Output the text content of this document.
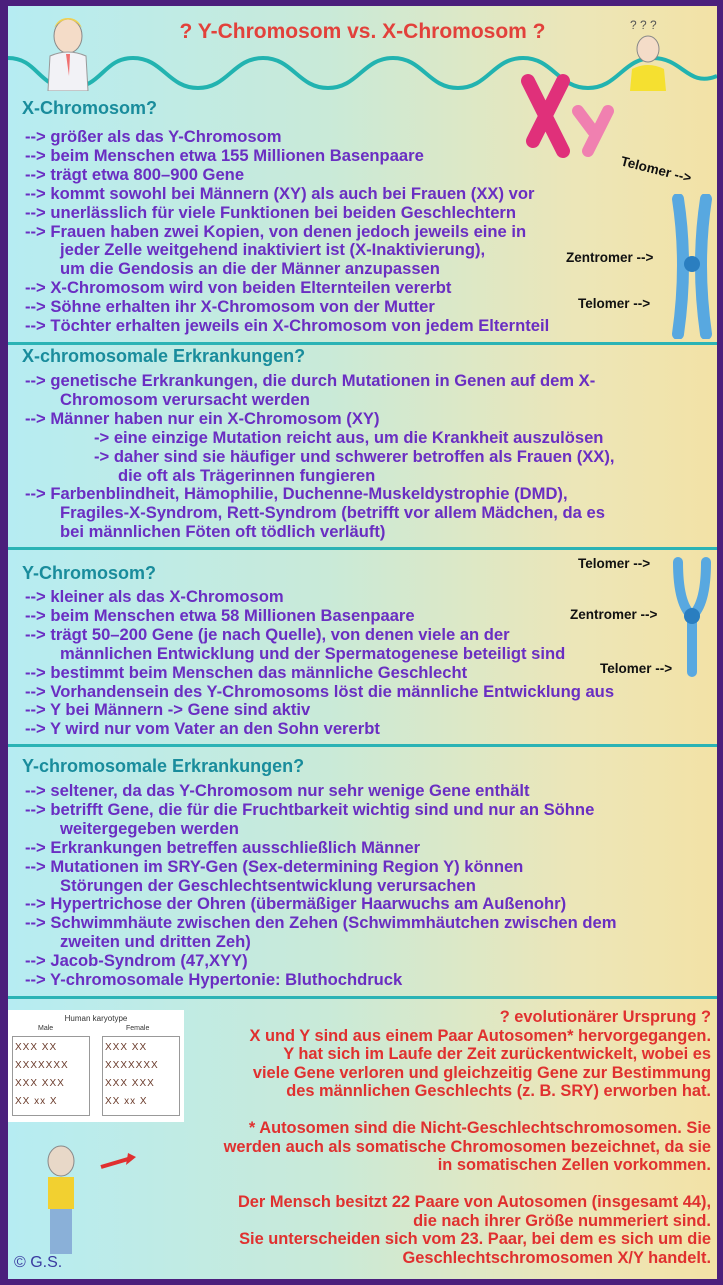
? Y-Chromosom vs. X-Chromosom ?	? ? ?
X-Chromosom?
--> größer als das Y-Chromosom
--> beim Menschen etwa 155 Millionen Basenpaare
--> trägt etwa 800–900 Gene
--> kommt sowohl bei Männern (XY) als auch bei Frauen (XX) vor
--> unerlässlich für viele Funktionen bei beiden Geschlechtern
--> Frauen haben zwei Kopien, von denen jedoch jeweils eine in
jeder Zelle weitgehend inaktiviert ist (X-Inaktivierung),
um die Gendosis an die der Männer anzupassen
--> X-Chromosom wird von beiden Elternteilen vererbt
--> Söhne erhalten ihr X-Chromosom von der Mutter
--> Töchter erhalten jeweils ein X-Chromosom von jedem Elternteil
X-chromosomale Erkrankungen?
--> genetische Erkrankungen, die durch Mutationen in Genen auf dem X-
Chromosom verursacht werden
--> Männer haben nur ein X-Chromosom (XY)
-> eine einzige Mutation reicht aus, um die Krankheit auszulösen
-> daher sind sie häufiger und schwerer betroffen als Frauen (XX),
die oft als Trägerinnen fungieren
--> Farbenblindheit, Hämophilie, Duchenne-Muskeldystrophie (DMD),
Fragiles-X-Syndrom, Rett-Syndrom (betrifft vor allem Mädchen, da es
bei männlichen Föten oft tödlich verläuft)
Y-Chromosom?
--> kleiner als das X-Chromosom
--> beim Menschen etwa 58 Millionen Basenpaare
--> trägt 50–200 Gene (je nach Quelle), von denen viele an der
männlichen Entwicklung und der Spermatogenese beteiligt sind
--> bestimmt beim Menschen das männliche Geschlecht
--> Vorhandensein des Y-Chromosoms löst die männliche Entwicklung aus
--> Y bei Männern -> Gene sind aktiv
--> Y wird nur vom Vater an den Sohn vererbt
Y-chromosomale Erkrankungen?
--> seltener, da das Y-Chromosom nur sehr wenige Gene enthält
--> betrifft Gene, die für die Fruchtbarkeit wichtig sind und nur an Söhne
weitergegeben werden
--> Erkrankungen betreffen ausschließlich Männer
--> Mutationen im SRY-Gen (Sex-determining Region Y) können
Störungen der Geschlechtsentwicklung verursachen
--> Hypertrichose der Ohren (übermäßiger Haarwuchs am Außenohr)
--> Schwimmhäute zwischen den Zehen (Schwimmhäutchen zwischen dem
zweiten und dritten Zeh)
--> Jacob-Syndrom (47,XYY)
--> Y-chromosomale Hypertonie: Bluthochdruck
Telomer -->
Zentromer -->
Telomer -->
Telomer -->
Zentromer -->
Telomer -->
Human karyotype
Male	Female
XXX XX
XXXXXXX
XXX XXX
XX xx X
XXX XX
XXXXXXX
XXX XXX
XX xx X
© G.S.
? evolutionärer Ursprung ?
X und Y sind aus einem Paar Autosomen* hervorgegangen.
Y hat sich im Laufe der Zeit zurückentwickelt, wobei es
viele Gene verloren und gleichzeitig Gene zur Bestimmung
des männlichen Geschlechts (z. B. SRY) erworben hat.
* Autosomen sind die Nicht-Geschlechtschromosomen. Sie
werden auch als somatische Chromosomen bezeichnet, da sie
in somatischen Zellen vorkommen.
Der Mensch besitzt 22 Paare von Autosomen (insgesamt 44),
die nach ihrer Größe nummeriert sind.
Sie unterscheiden sich vom 23. Paar, bei dem es sich um die
Geschlechtschromosomen X/Y handelt.
